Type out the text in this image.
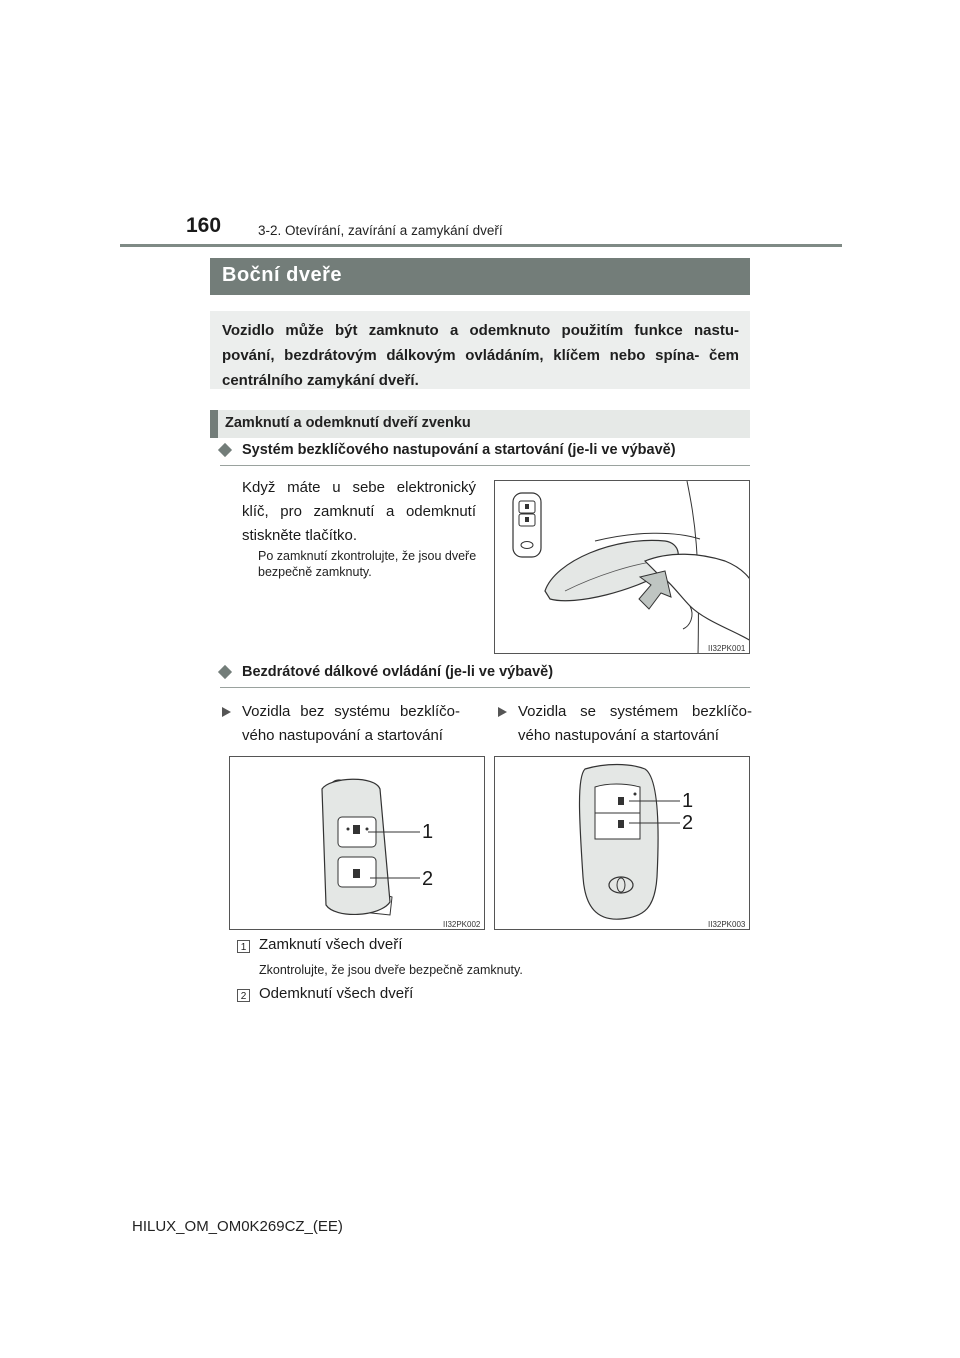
160	3-2. Otevírání, zavírání a zamykání dveří
Boční dveře

Vozidlo může být zamknuto a odemknuto použitím funkce nastu- pování, bezdrátovým dálkovým ovládáním, klíčem nebo spína- čem centrálního zamykání dveří.

Zamknutí a odemknutí dveří zvenku
Systém bezklíčového nastupování a startování (je-li ve výbavě)
Když máte u sebe elektronický klíč, pro zamknutí a odemknutí stiskněte tlačítko.
Po zamknutí zkontrolujte, že jsou dveře bezpečně zamknuty.
II32PK001
Bezdrátové dálkové ovládání (je-li ve výbavě)
Vozidla bez systému bezklíčo- vého nastupování a startování
Vozidla se systémem bezklíčo- vého nastupování a startování
1
2
II32PK002
1
2
II32PK003
1 Zamknutí všech dveří
Zkontrolujte, že jsou dveře bezpečně zamknuty.
2 Odemknutí všech dveří
HILUX_OM_OM0K269CZ_(EE)
